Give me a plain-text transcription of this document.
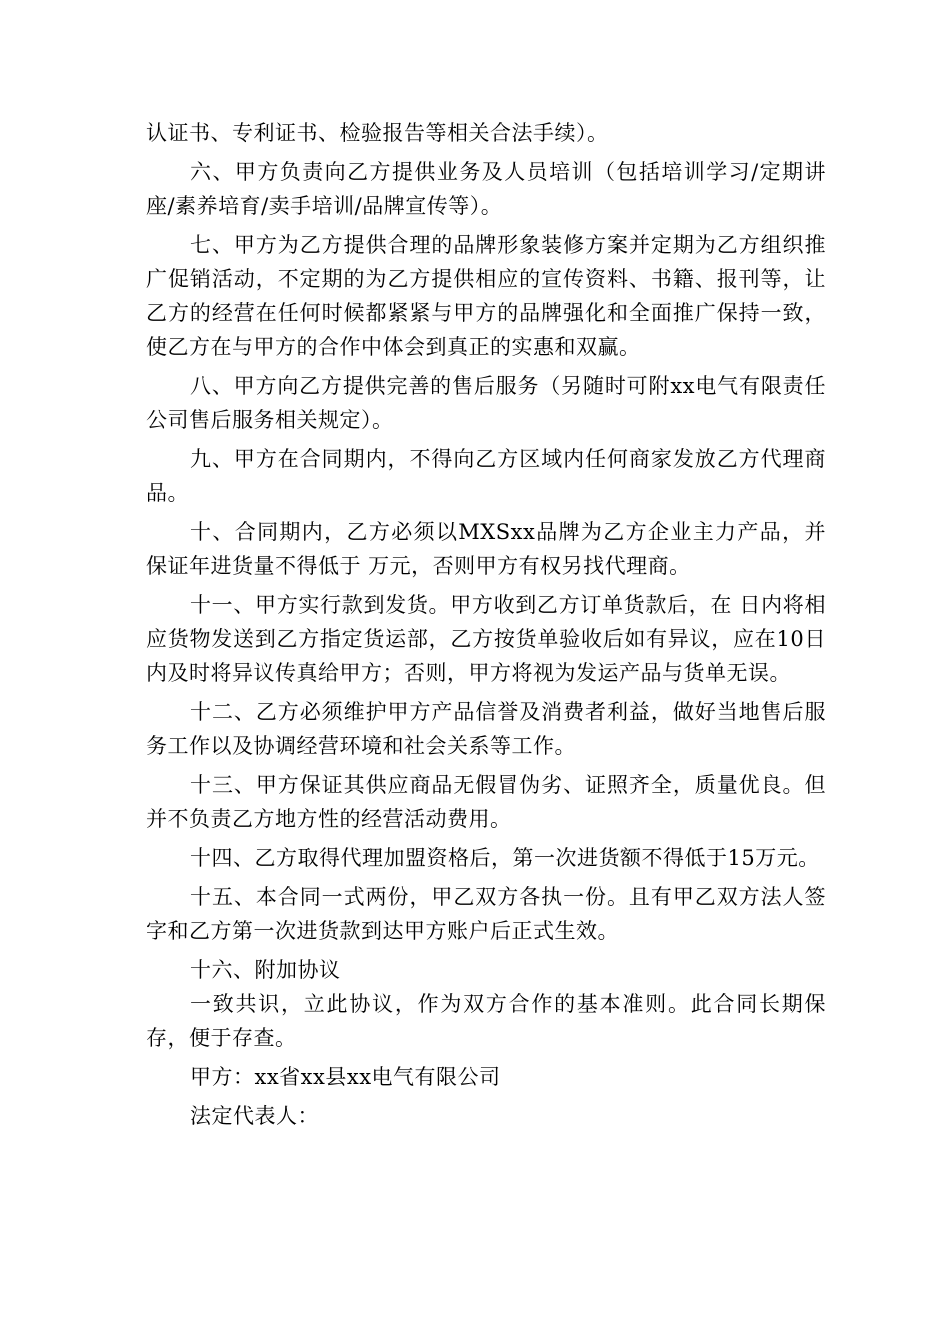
认证书、专利证书、检验报告等相关合法手续）。

六、甲方负责向乙方提供业务及人员培训（包括培训学习/定期讲座/素养培育/卖手培训/品牌宣传等）。

七、甲方为乙方提供合理的品牌形象装修方案并定期为乙方组织推广促销活动，不定期的为乙方提供相应的宣传资料、书籍、报刊等，让乙方的经营在任何时候都紧紧与甲方的品牌强化和全面推广保持一致，使乙方在与甲方的合作中体会到真正的实惠和双赢。

八、甲方向乙方提供完善的售后服务（另随时可附xx电气有限责任公司售后服务相关规定）。

九、甲方在合同期内，不得向乙方区域内任何商家发放乙方代理商品。

十、合同期内，乙方必须以MXSxx品牌为乙方企业主力产品，并保证年进货量不得低于 万元，否则甲方有权另找代理商。

十一、甲方实行款到发货。甲方收到乙方订单货款后，在 日内将相应货物发送到乙方指定货运部，乙方按货单验收后如有异议，应在10日内及时将异议传真给甲方；否则，甲方将视为发运产品与货单无误。

十二、乙方必须维护甲方产品信誉及消费者利益，做好当地售后服务工作以及协调经营环境和社会关系等工作。

十三、甲方保证其供应商品无假冒伪劣、证照齐全，质量优良。但并不负责乙方地方性的经营活动费用。

十四、乙方取得代理加盟资格后，第一次进货额不得低于15万元。

十五、本合同一式两份，甲乙双方各执一份。且有甲乙双方法人签字和乙方第一次进货款到达甲方账户后正式生效。

十六、附加协议

一致共识，立此协议，作为双方合作的基本准则。此合同长期保存，便于存查。

甲方：xx省xx县xx电气有限公司

法定代表人：
